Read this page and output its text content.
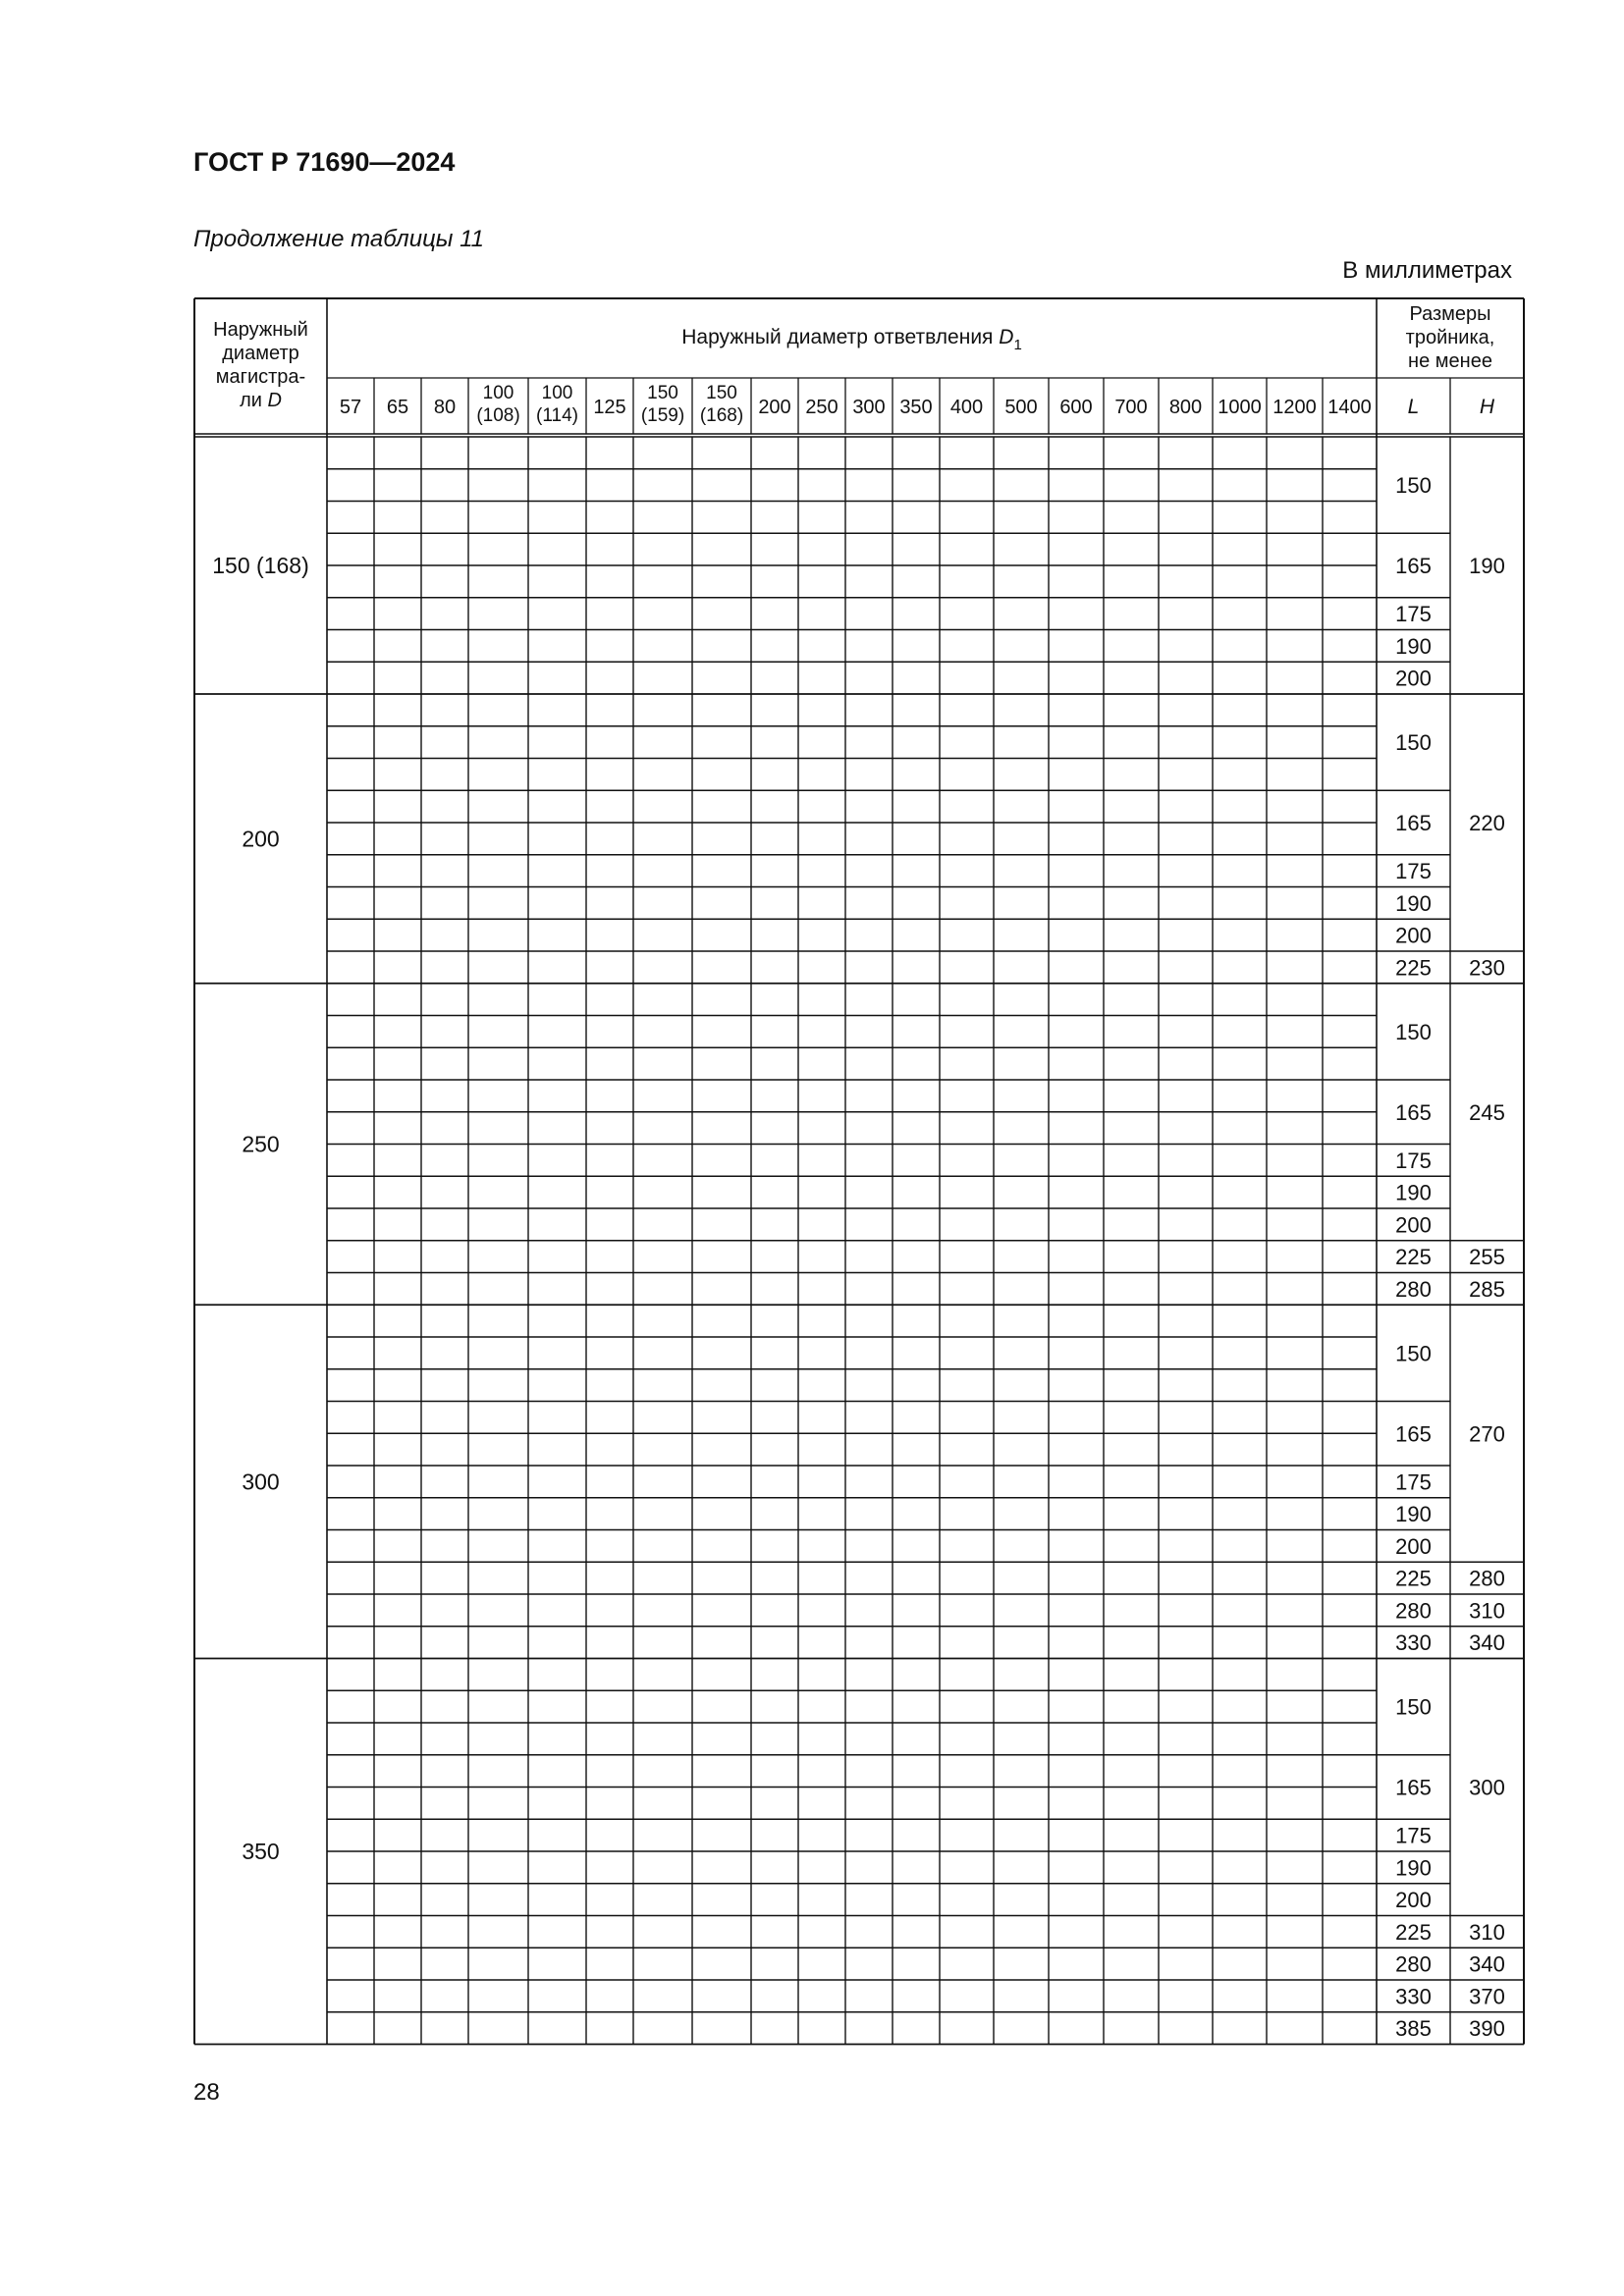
ГОСТ Р 71690—2024
Продолжение таблицы 11
В миллиметрах
Наружный
диаметр
магистра-
ли D
Наружный диаметр ответвления $D_1$
Размеры
тройника,
не менее
57 65 80
100
(108)
100
(114) 125
150
(159)
150
(168) 200 250 300 350 400 500 600 700 800 1000 1200 1400 L	H
150
165
175
190
200
190
150 (168)
150
165
175
190
200
225
220
230
200
150
165
175
190
200
225
280
245
255
285
250
150
165
175
190
200
225
280
330
270
280
310
340
300
150
165
175
190
200
225
280
330
385
300
310
340
370
390
350
28
